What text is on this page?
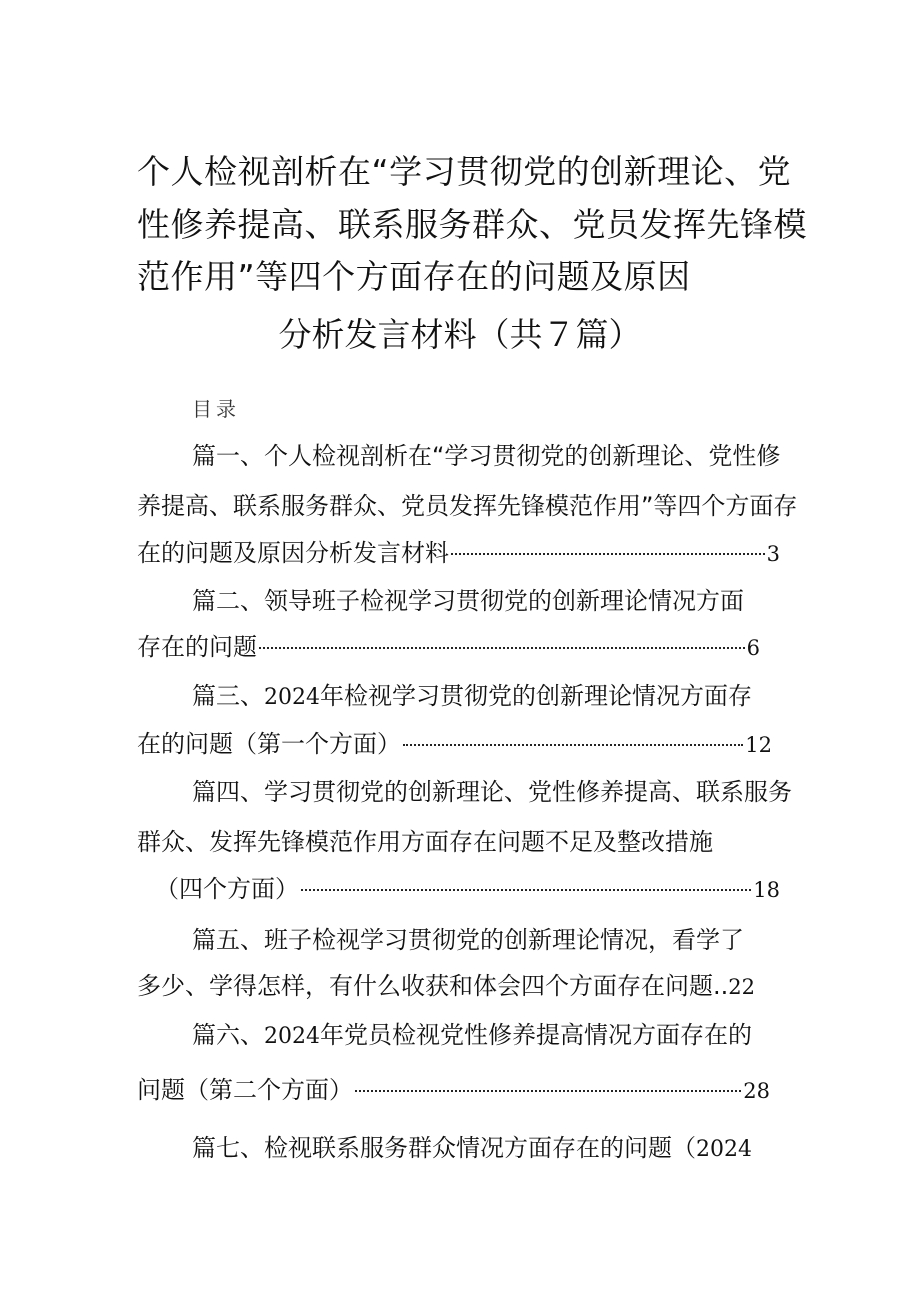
个人检视剖析在“学习贯彻党的创新理论、党
性修养提高、联系服务群众、党员发挥先锋模
范作用”等四个方面存在的问题及原因
分析发言材料（共７篇）
目录
篇一、个人检视剖析在“学习贯彻党的创新理论、党性修
养提高、联系服务群众、党员发挥先锋模范作用”等四个方面存
在的问题及原因分析发言材料	3
篇二、领导班子检视学习贯彻党的创新理论情况方面
存在的问题	6
篇三、2024年检视学习贯彻党的创新理论情况方面存
在的问题（第一个方面）	12
篇四、学习贯彻党的创新理论、党性修养提高、联系服务
群众、发挥先锋模范作用方面存在问题不足及整改措施
（四个方面）	18
篇五、班子检视学习贯彻党的创新理论情况，看学了
多少、学得怎样，有什么收获和体会四个方面存在问题..22
篇六、2024年党员检视党性修养提高情况方面存在的
问题（第二个方面）	28
篇七、检视联系服务群众情况方面存在的问题（2024
